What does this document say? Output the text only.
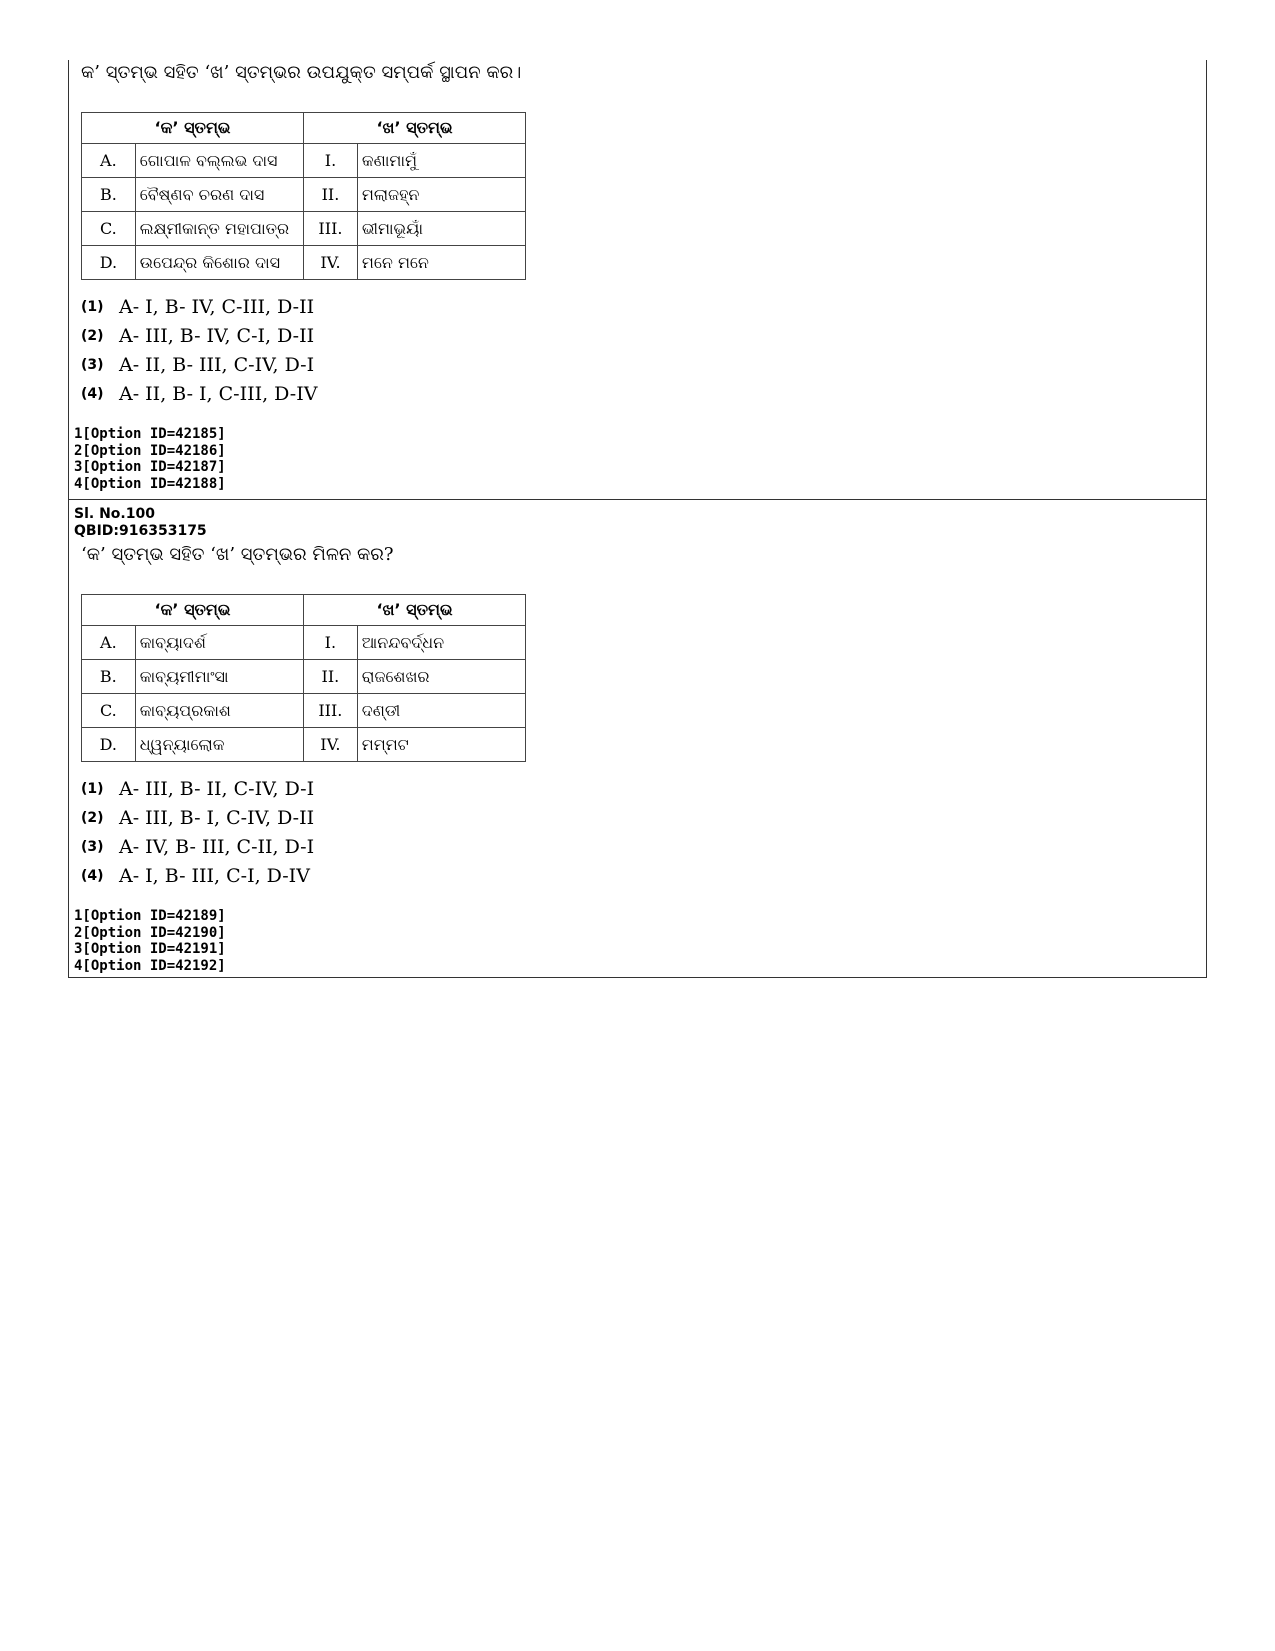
କ’ ସ୍ତମ୍ଭ ସହିତ ‘ଖ’ ସ୍ତମ୍ଭର ଉପଯୁକ୍ତ ସମ୍ପର୍କ ସ୍ଥାପନ କର।
‘କ’ ସ୍ତମ୍ଭ		‘ଖ’ ସ୍ତମ୍ଭ	
A.	ଗୋପାଳ ବଲ୍ଲଭ ଦାସ	I.	କଣାମାମୁଁ
B.	ବୈଷ୍ଣବ ଚରଣ ଦାସ	II.	ମଲାଜହ୍ନ
C.	ଲକ୍ଷ୍ମୀକାନ୍ତ ମହାପାତ୍ର	III.	ଭୀମାଭୂୟାଁ
D.	ଉପେନ୍ଦ୍ର କିଶୋର ଦାସ	IV.	ମନେ ମନେ
(1) A- I, B- IV, C-III, D-II
(2) A- III, B- IV, C-I, D-II
(3) A- II, B- III, C-IV, D-I
(4) A- II, B- I, C-III, D-IV
1[Option ID=42185]
2[Option ID=42186]
3[Option ID=42187]
4[Option ID=42188]
Sl. No.100
QBID:916353175
‘କ’ ସ୍ତମ୍ଭ ସହିତ ‘ଖ’ ସ୍ତମ୍ଭର ମିଳନ କର?
‘କ’ ସ୍ତମ୍ଭ		‘ଖ’ ସ୍ତମ୍ଭ	
A.	କାବ୍ୟାଦର୍ଶ	I.	ଆନନ୍ଦବର୍ଦ୍ଧନ
B.	କାବ୍ୟମୀମାଂସା	II.	ରାଜଶେଖର
C.	କାବ୍ୟପ୍ରକାଶ	III.	ଦଣ୍ଡୀ
D.	ଧ୍ୱନ୍ୟାଲୋକ	IV.	ମମ୍ମଟ
(1) A- III, B- II, C-IV, D-I
(2) A- III, B- I, C-IV, D-II
(3) A- IV, B- III, C-II, D-I
(4) A- I, B- III, C-I, D-IV
1[Option ID=42189]
2[Option ID=42190]
3[Option ID=42191]
4[Option ID=42192]
